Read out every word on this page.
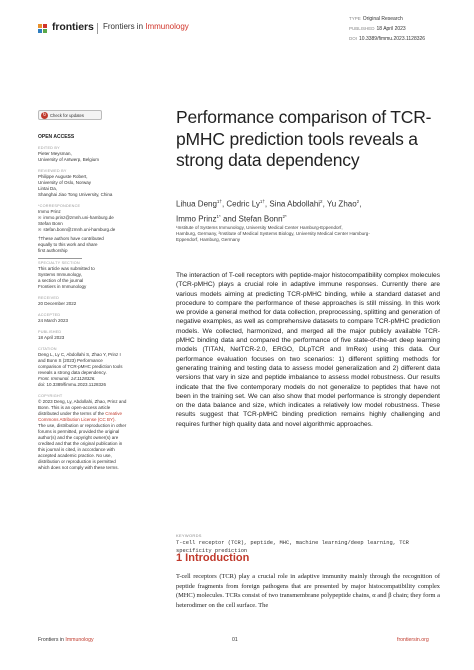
frontiers Frontiers in Immunology
TYPE Original Research
PUBLISHED 18 April 2023
DOI 10.3389/fimmu.2023.1128326
↻ Check for updates
OPEN ACCESS
EDITED BY
Pieter Meysman,
University of Antwerp, Belgium
REVIEWED BY
Philippe Auguste Robert,
University of Oslo, Norway
Lintai Da,
Shanghai Jiao Tong University, China
*CORRESPONDENCE
Immo Prinz
✉ immo.prinz@zmnh.uni-hamburg.de
Stefan Bonn
✉ stefan.bonn@zmnh.uni-hamburg.de
†These authors have contributed
equally to this work and share
first authorship
SPECIALTY SECTION
This article was submitted to
Systems Immunology,
a section of the journal
Frontiers in Immunology
RECEIVED
20 December 2022
ACCEPTED
24 March 2023
PUBLISHED
18 April 2023
CITATION
Deng L, Ly C, Abdollahi S, Zhao Y, Prinz I
and Bonn S (2023) Performance
comparison of TCR-pMHC prediction tools
reveals a strong data dependency.
Front. Immunol. 14:1128326.
doi: 10.3389/fimmu.2023.1128326
COPYRIGHT
© 2023 Deng, Ly, Abdollahi, Zhao, Prinz and
Bonn. This is an open-access article
distributed under the terms of the Creative
Commons Attribution License (CC BY).
The use, distribution or reproduction in other
forums is permitted, provided the original
author(s) and the copyright owner(s) are
credited and that the original publication in
this journal is cited, in accordance with
accepted academic practice. No use,
distribution or reproduction is permitted
which does not comply with these terms.
Performance comparison of TCR-pMHC prediction tools reveals a strong data dependency
Lihua Deng$^{1\dagger}$, Cedric $Ly^{1\dagger}$, Sina Abdollahi$^2$, Yu Zhao$^2$,
Immo Prinz$^{1*}$ and Stefan Bonn$^{2*}$
¹Institute of Systems Immunology, University Medical Center Hamburg-Eppendorf,
Hamburg, Germany, ²Institute of Medical Systems Biology, University Medical Center Hamburg-
Eppendorf, Hamburg, Germany

The interaction of T-cell receptors with peptide-major histocompatibility complex molecules (TCR-pMHC) plays a crucial role in adaptive immune responses. Currently there are various models aiming at predicting TCR-pMHC binding, while a standard dataset and procedure to compare the performance of these approaches is still missing. In this work we provide a general method for data collection, preprocessing, splitting and generation of negative examples, as well as comprehensive datasets to compare TCR-pMHC prediction models. We collected, harmonized, and merged all the major publicly available TCR-pMHC binding data and compared the performance of five state-of-the-art deep learning models (TITAN, NetTCR-2.0, ERGO, DLpTCR and ImRex) using this data. Our performance evaluation focuses on two scenarios: 1) different splitting methods for generating training and testing data to assess model generalization and 2) different data versions that vary in size and peptide imbalance to assess model robustness. Our results indicate that the five contemporary models do not generalize to peptides that have not been in the training set. We can also show that model performance is strongly dependent on the data balance and size, which indicates a relatively low model robustness. These results suggest that TCR-pMHC binding prediction remains highly challenging and requires further high quality data and novel algorithmic approaches.

KEYWORDS
T-cell receptor (TCR), peptide, MHC, machine learning/deep learning, TCR specificity prediction
1 Introduction

T-cell receptors (TCR) play a crucial role in adaptive immunity mainly through the recognition of peptide fragments from foreign pathogens that are presented by major histocompatibility complex (MHC) molecules. TCRs consist of two transmembrane polypeptide chains, α and β chain; they form a heterodimer on the cell surface. The

Frontiers in Immunology	01	frontiersin.org
